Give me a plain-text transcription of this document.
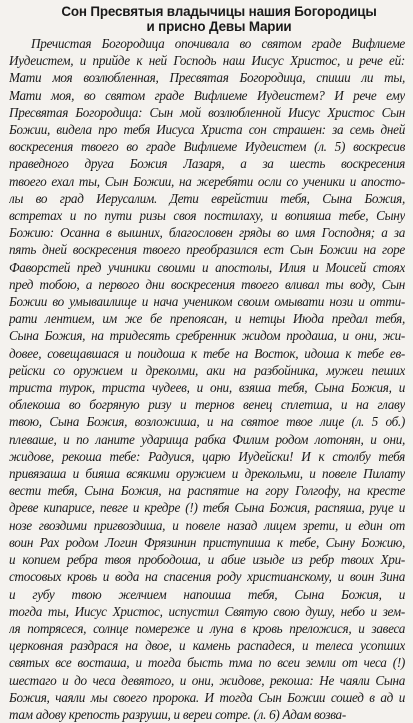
Сон Пресвятыя владычицы нашия Богородицы
и присно Девы Марии
Пречистая Богородица опочивала во святом граде Вифлиеме
Иудеистем, и прийде к ней Господь наш Иисус Христос, и рече ей:
Мати моя возлюбленная, Пресвятая Богородица, спиши ли ты,
Мати моя, во святом граде Вифлиеме Иудеистем? И рече ему
Пресвятая Богородица: Сын мой возлюбленной Иисус Христос Сын
Божии, видела про тебя Иисуса Христа сон страшен: за семь дней
воскресения твоего во граде Вифлиеме Иудеистем (л. 5) воскресив
праведного друга Божия Лазаря, а за шесть воскресения
твоего ехал ты, Сын Божии, на жеребяти осли со ученики и апосто-
лы во град Иерусалим. Дети еврейстии тебя, Сына Божия,
встретах и по пути ризы своя постилаху, и вопияша тебе, Сыну
Божию: Осанна в вышних, благословен гряды во имя Господня; а за
пять дней воскресения твоего преобразился ест Сын Божии на горе
Фаворстей пред учиники своими и апостолы, Илия и Моисей стоях
пред тобою, а первого дни воскресения твоего вливал ты воду, Сын
Божии во умываилище и нача учеником своим омывати нози и отти-
рати лентием, им же бе препоясан, и нетцы Июда предал тебя,
Сына Божия, на тридесять сребренник жидом продаша, и они, жи-
довее, совещавшася и поидоша к тебе на Восток, идоша к тебе ев-
рейски со оружием и дреколми, аки на разбойника, мужеи пеших
триста турок, триста чудеев, и они, взяша тебя, Сына Божия, и
облекоша во богряную ризу и тернов венец сплетша, и на главу
твою, Сына Божия, возложиша, и на святое твое лице (л. 5 об.)
плеваше, и по ланите ударища рабка Филим родом лотонян, и они,
жидове, рекоша тебе: Радуися, царю Иудейски! И к столбу тебя
привязаша и бияша всякими оружием и дрекольми, и повеле Пилату
вести тебя, Сына Божия, на распятие на гору Голгофу, на кресте
древе кипарисе, певге и кредре (!) тебя Сына Божия, распяша, руце и
нозе гвоздими пригвоздиша, и повеле назад лицем зрети, и един от
воин Рах родом Логин Фрязинин приступиша к тебе, Сыну Божию,
и копием ребра твоя прободоша, и абие изыде из ребр твоих Хри-
стосовых кровь и вода на спасения роду христианскому, и воин Зина
и губу твою желчием напоиша тебя, Сына Божия, и
тогда ты, Иисус Христос, испустил Святую свою душу, небо и зем-
ля потрясеся, солнце помереже и луна в кровь преложися, и завеса
церковная раздрася на двое, и камень распадеся, и телеса усопших
святых все восташа, и тогда бысть тма по всеи земли от чеса (!)
шестаго и до чеса девятого, и они, жидове, рекоша: Не чаяли Сына
Божия, чаяли мы своего пророка. И тогда Сын Божии сошед в ад и
там адову крепость разруши, и вереи сотре. (л. 6) Адам возва-
